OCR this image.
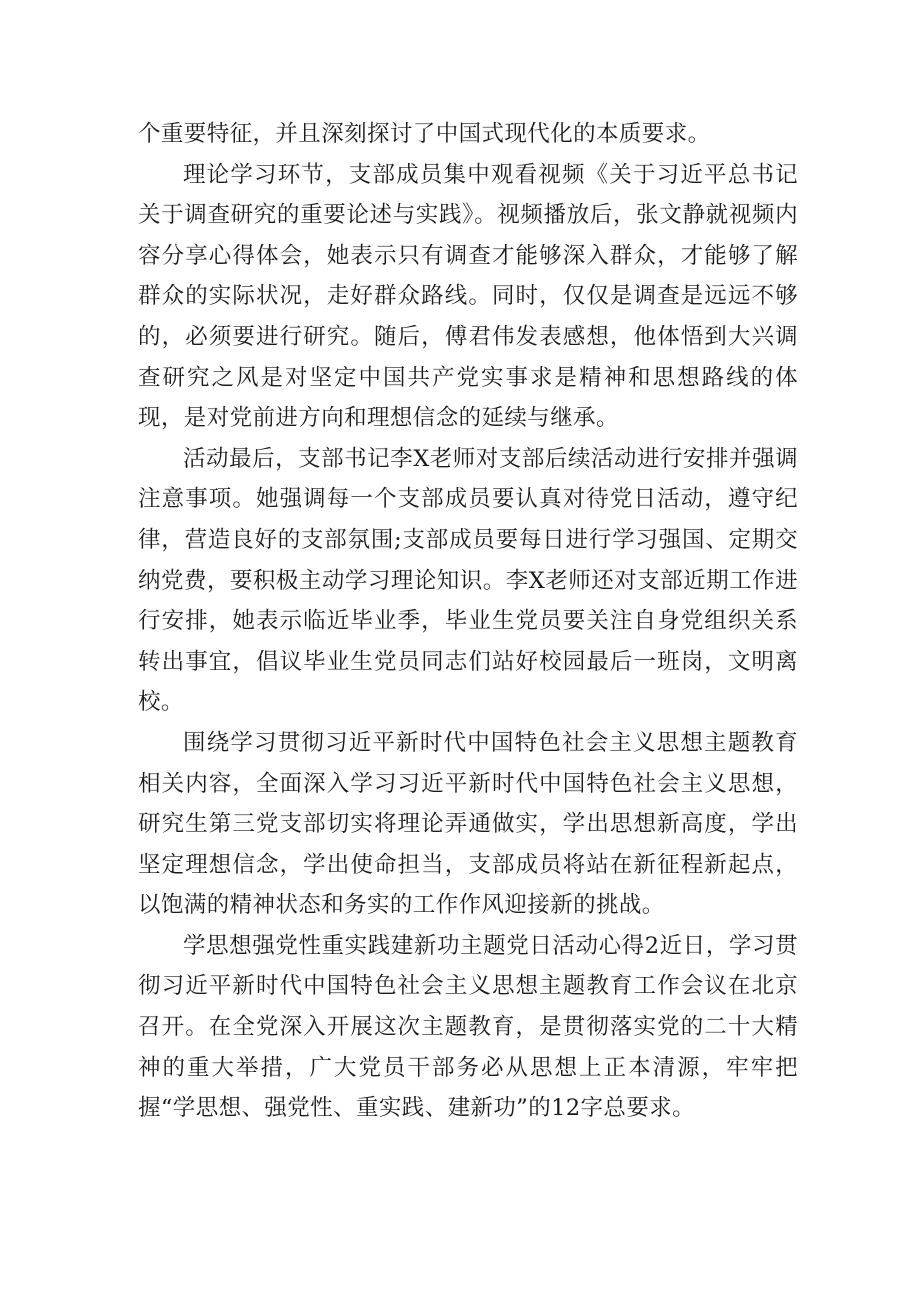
个重要特征，并且深刻探讨了中国式现代化的本质要求。

理论学习环节，支部成员集中观看视频《关于习近平总书记关于调查研究的重要论述与实践》。视频播放后，张文静就视频内容分享心得体会，她表示只有调查才能够深入群众，才能够了解群众的实际状况，走好群众路线。同时，仅仅是调查是远远不够的，必须要进行研究。随后，傅君伟发表感想，他体悟到大兴调查研究之风是对坚定中国共产党实事求是精神和思想路线的体现，是对党前进方向和理想信念的延续与继承。

活动最后，支部书记李X老师对支部后续活动进行安排并强调注意事项。她强调每一个支部成员要认真对待党日活动，遵守纪律，营造良好的支部氛围;支部成员要每日进行学习强国、定期交纳党费，要积极主动学习理论知识。李X老师还对支部近期工作进行安排，她表示临近毕业季，毕业生党员要关注自身党组织关系转出事宜，倡议毕业生党员同志们站好校园最后一班岗，文明离校。

围绕学习贯彻习近平新时代中国特色社会主义思想主题教育相关内容，全面深入学习习近平新时代中国特色社会主义思想，研究生第三党支部切实将理论弄通做实，学出思想新高度，学出坚定理想信念，学出使命担当，支部成员将站在新征程新起点，以饱满的精神状态和务实的工作作风迎接新的挑战。

学思想强党性重实践建新功主题党日活动心得2近日，学习贯彻习近平新时代中国特色社会主义思想主题教育工作会议在北京召开。在全党深入开展这次主题教育，是贯彻落实党的二十大精神的重大举措，广大党员干部务必从思想上正本清源，牢牢把握“学思想、强党性、重实践、建新功”的12字总要求。
